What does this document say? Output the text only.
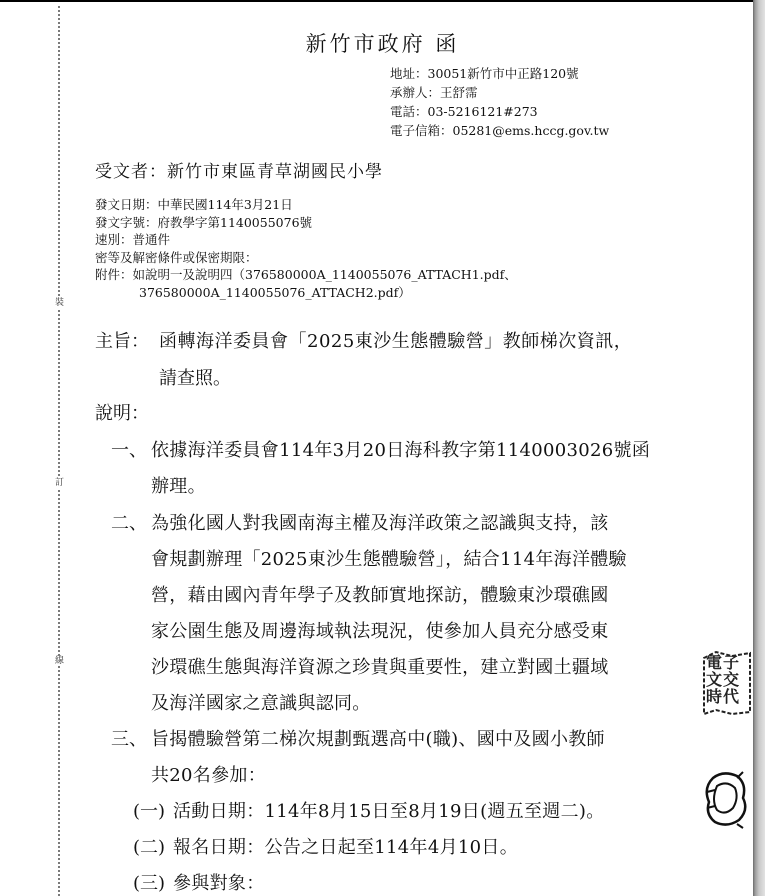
裝
訂
線
新竹市政府 函
地址：30051新竹市中正路120號
承辦人：王舒霈
電話：03-5216121#273
電子信箱：05281@ems.hccg.gov.tw
受文者：新竹市東區青草湖國民小學
發文日期：中華民國114年3月21日
發文字號：府教學字第1140055076號
速別：普通件
密等及解密條件或保密期限：
附件：如說明一及說明四（376580000A_1140055076_ATTACH1.pdf、
376580000A_1140055076_ATTACH2.pdf）
主旨： 函轉海洋委員會「2025東沙生態體驗營」教師梯次資訊，
請查照。
說明：
一、 依據海洋委員會114年3月20日海科教字第1140003026號函
辦理。
二、 為強化國人對我國南海主權及海洋政策之認識與支持，該
會規劃辦理「2025東沙生態體驗營」，結合114年海洋體驗
營，藉由國內青年學子及教師實地探訪，體驗東沙環礁國
家公園生態及周邊海域執法現況，使參加人員充分感受東
沙環礁生態與海洋資源之珍貴與重要性，建立對國土疆域
及海洋國家之意識與認同。
三、 旨揭體驗營第二梯次規劃甄選高中(職)、國中及國小教師
共20名參加：
(一) 活動日期：114年8月15日至8月19日(週五至週二)。
(二) 報名日期：公告之日起至114年4月10日。
(三) 參與對象：
電子
文交
時代
